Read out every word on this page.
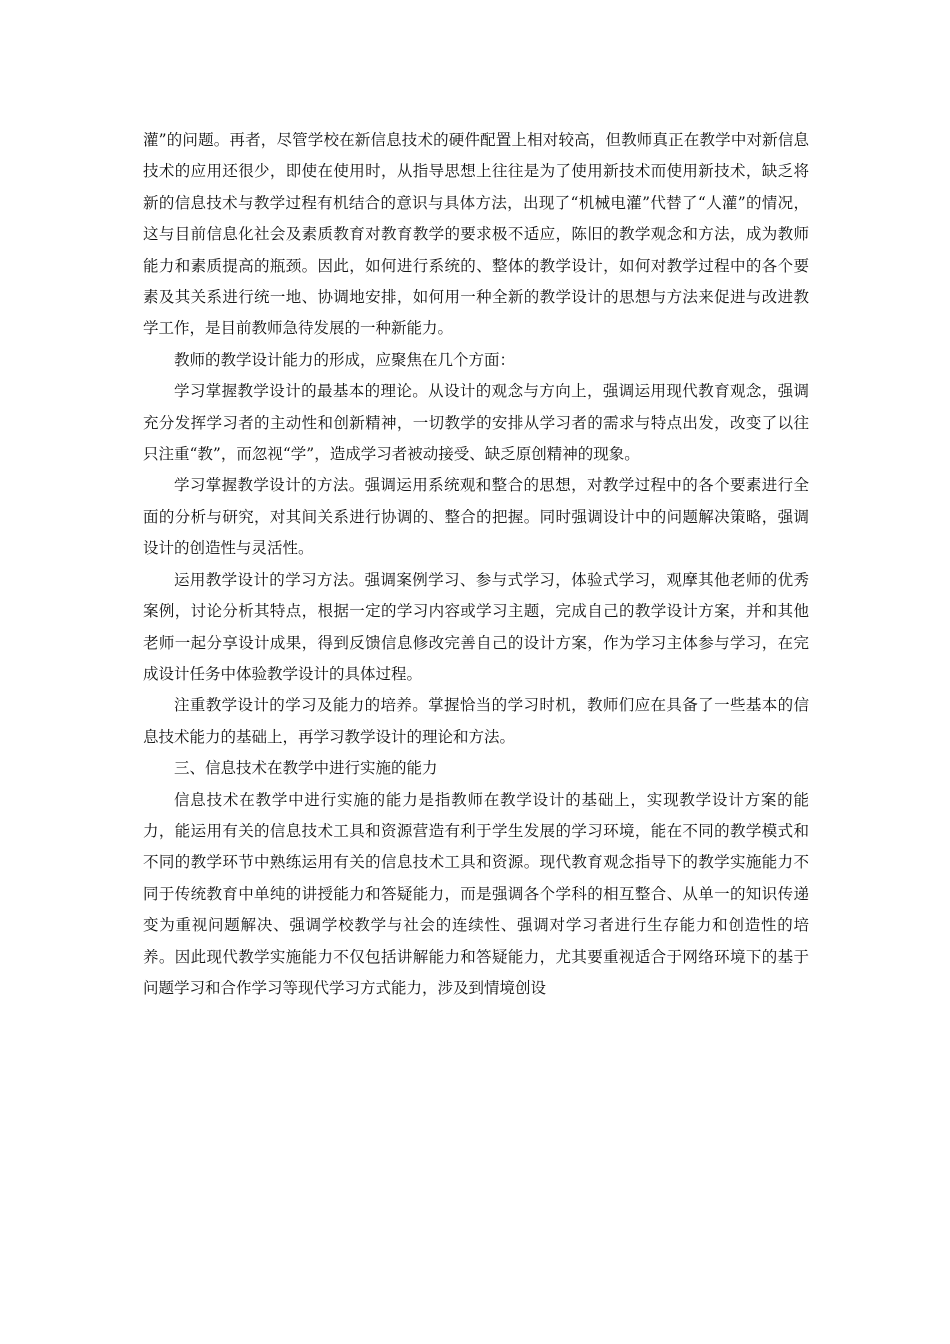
灌”的问题。再者，尽管学校在新信息技术的硬件配置上相对较高，但教师真正在教学中对新信息技术的应用还很少，即使在使用时，从指导思想上往往是为了使用新技术而使用新技术，缺乏将新的信息技术与教学过程有机结合的意识与具体方法，出现了“机械电灌”代替了“人灌”的情况，这与目前信息化社会及素质教育对教育教学的要求极不适应，陈旧的教学观念和方法，成为教师能力和素质提高的瓶颈。因此，如何进行系统的、整体的教学设计，如何对教学过程中的各个要素及其关系进行统一地、协调地安排，如何用一种全新的教学设计的思想与方法来促进与改进教学工作，是目前教师急待发展的一种新能力。

教师的教学设计能力的形成，应聚焦在几个方面：

学习掌握教学设计的最基本的理论。从设计的观念与方向上，强调运用现代教育观念，强调充分发挥学习者的主动性和创新精神，一切教学的安排从学习者的需求与特点出发，改变了以往只注重“教”，而忽视“学”，造成学习者被动接受、缺乏原创精神的现象。

学习掌握教学设计的方法。强调运用系统观和整合的思想，对教学过程中的各个要素进行全面的分析与研究，对其间关系进行协调的、整合的把握。同时强调设计中的问题解决策略，强调设计的创造性与灵活性。

运用教学设计的学习方法。强调案例学习、参与式学习，体验式学习，观摩其他老师的优秀案例，讨论分析其特点，根据一定的学习内容或学习主题，完成自己的教学设计方案，并和其他老师一起分享设计成果，得到反馈信息修改完善自己的设计方案，作为学习主体参与学习，在完成设计任务中体验教学设计的具体过程。

注重教学设计的学习及能力的培养。掌握恰当的学习时机，教师们应在具备了一些基本的信息技术能力的基础上，再学习教学设计的理论和方法。

三、信息技术在教学中进行实施的能力

信息技术在教学中进行实施的能力是指教师在教学设计的基础上，实现教学设计方案的能力，能运用有关的信息技术工具和资源营造有利于学生发展的学习环境，能在不同的教学模式和不同的教学环节中熟练运用有关的信息技术工具和资源。现代教育观念指导下的教学实施能力不同于传统教育中单纯的讲授能力和答疑能力，而是强调各个学科的相互整合、从单一的知识传递变为重视问题解决、强调学校教学与社会的连续性、强调对学习者进行生存能力和创造性的培养。因此现代教学实施能力不仅包括讲解能力和答疑能力，尤其要重视适合于网络环境下的基于问题学习和合作学习等现代学习方式能力，涉及到情境创设
